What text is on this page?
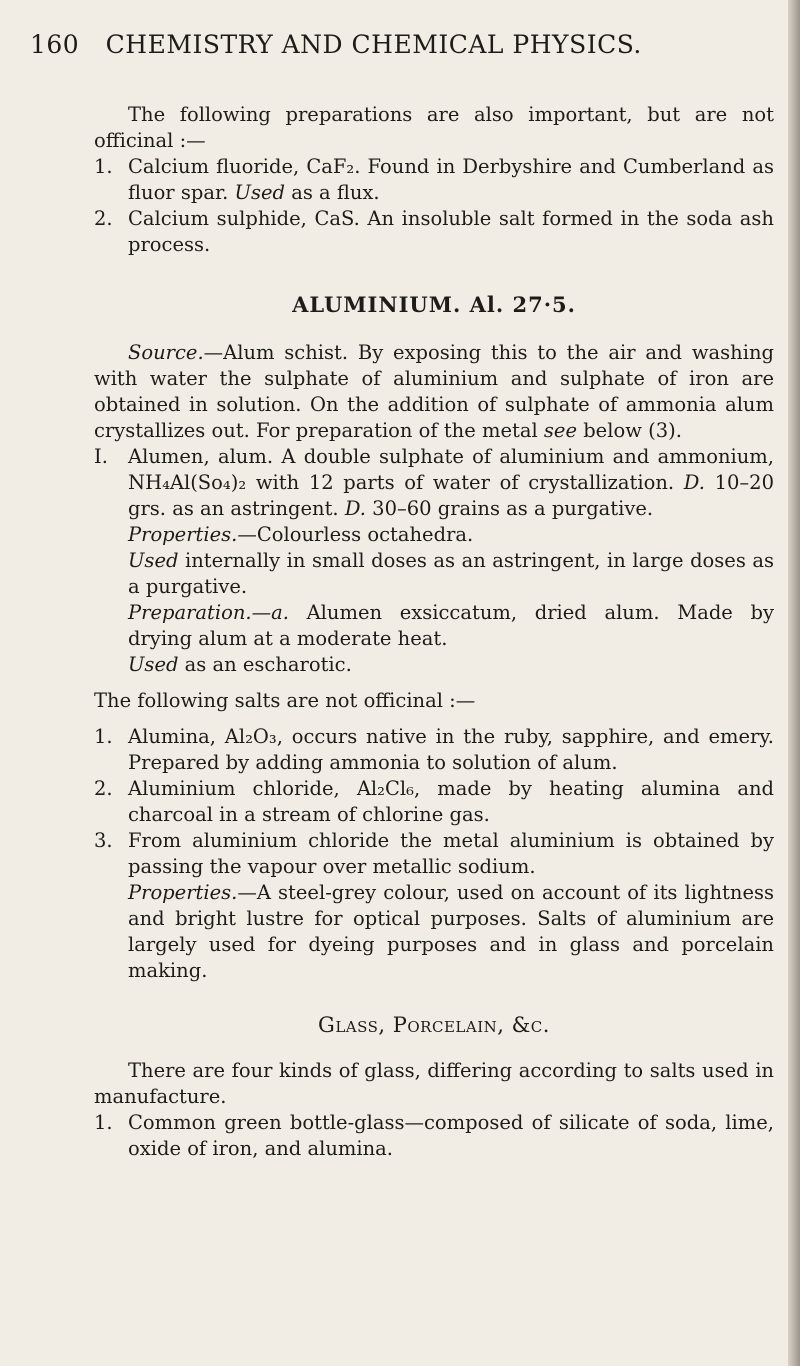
160 CHEMISTRY AND CHEMICAL PHYSICS.

The following preparations are also important, but are not officinal :—

1. Calcium fluoride, CaF₂. Found in Derbyshire and Cumberland as fluor spar. Used as a flux.
2. Calcium sulphide, CaS. An insoluble salt formed in the soda ash process.
ALUMINIUM. Al. 27·5.

Source.—Alum schist. By exposing this to the air and washing with water the sulphate of aluminium and sulphate of iron are obtained in solution. On the addition of sulphate of ammonia alum crystallizes out. For preparation of the metal see below (3).

I.	Alumen, alum. A double sulphate of aluminium and ammonium, NH₄Al(So₄)₂ with 12 parts of water of crystallization. D. 10–20 grs. as an astringent. D. 30–60 grains as a purgative.
Properties.—Colourless octahedra.
Used internally in small doses as an astringent, in large doses as a purgative.
Preparation.—a. Alumen exsiccatum, dried alum. Made by drying alum at a moderate heat.
Used as an escharotic.

The following salts are not officinal :—

1. Alumina, Al₂O₃, occurs native in the ruby, sapphire, and emery. Prepared by adding ammonia to solution of alum.
2. Aluminium chloride, Al₂Cl₆, made by heating alumina and charcoal in a stream of chlorine gas.
3. From aluminium chloride the metal aluminium is obtained by passing the vapour over metallic sodium.
Properties.—A steel-grey colour, used on account of its lightness and bright lustre for optical purposes. Salts of aluminium are largely used for dyeing purposes and in glass and porcelain making.
Glass, Porcelain, &c.

There are four kinds of glass, differing according to salts used in manufacture.

1. Common green bottle-glass—composed of silicate of soda, lime, oxide of iron, and alumina.
